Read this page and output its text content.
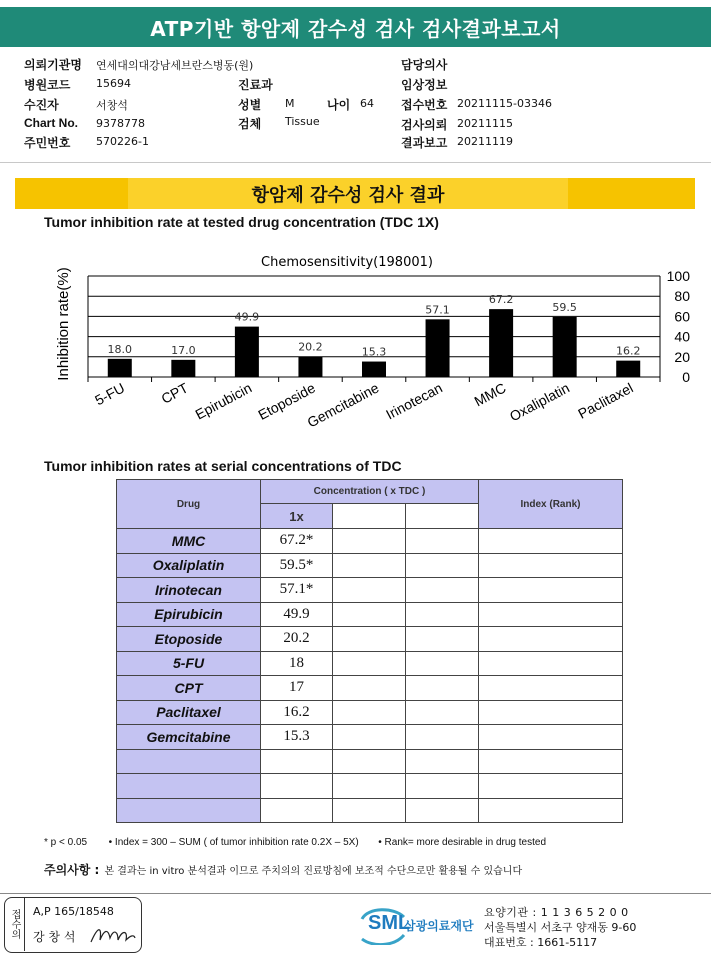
ATP기반 항암제 감수성 검사 검사결과보고서
의뢰기관명 연세대의대강남세브란스병동(원)	담당의사
병원코드 15694	진료과	임상정보
수진자	서창석	성별 M	나이 64 접수번호 20211115-03346
Chart No. 9378778	검체 Tissue	검사의뢰 20211115
주민번호 570226-1	결과보고 20211119
항암제 감수성 검사 결과
Tumor inhibition rate at tested drug concentration (TDC 1X)
Chemosensitivity(198001)
Inhibition rate(%)	0
20
40
60
80
100
18.0
5-FU
17.0
CPT
49.9
Epirubicin
20.2
Etoposide
15.3
Gemcitabine
57.1
Irinotecan
67.2
MMC
59.5
Oxaliplatin
16.2
Paclitaxel
Tumor inhibition rates at serial concentrations of TDC
Drug	Concentration ( x TDC )			Index (Rank)
	1x			
MMC	67.2*			
Oxaliplatin	59.5*			
Irinotecan	57.1*			
Epirubicin	49.9			
Etoposide	20.2			
5-FU	18			
CPT	17			
Paclitaxel	16.2			
Gemcitabine	15.3			

* p < 0.05 • Index = 300 – SUM ( of tumor inhibition rate 0.2X – 5X) • Rank= more desirable in drug tested
주의사항 : 본 결과는 in vitro 분석결과 이므로 주치의의 진료방침에 보조적 수단으로만 활용될 수 있습니다
접수의 A,P 165/18548
강 창 석
SML
삼광의료재단
요양기관 : 1 1 3 6 5 2 0 0
서울특별시 서초구 양재동 9-60
대표번호 : 1661-5117
